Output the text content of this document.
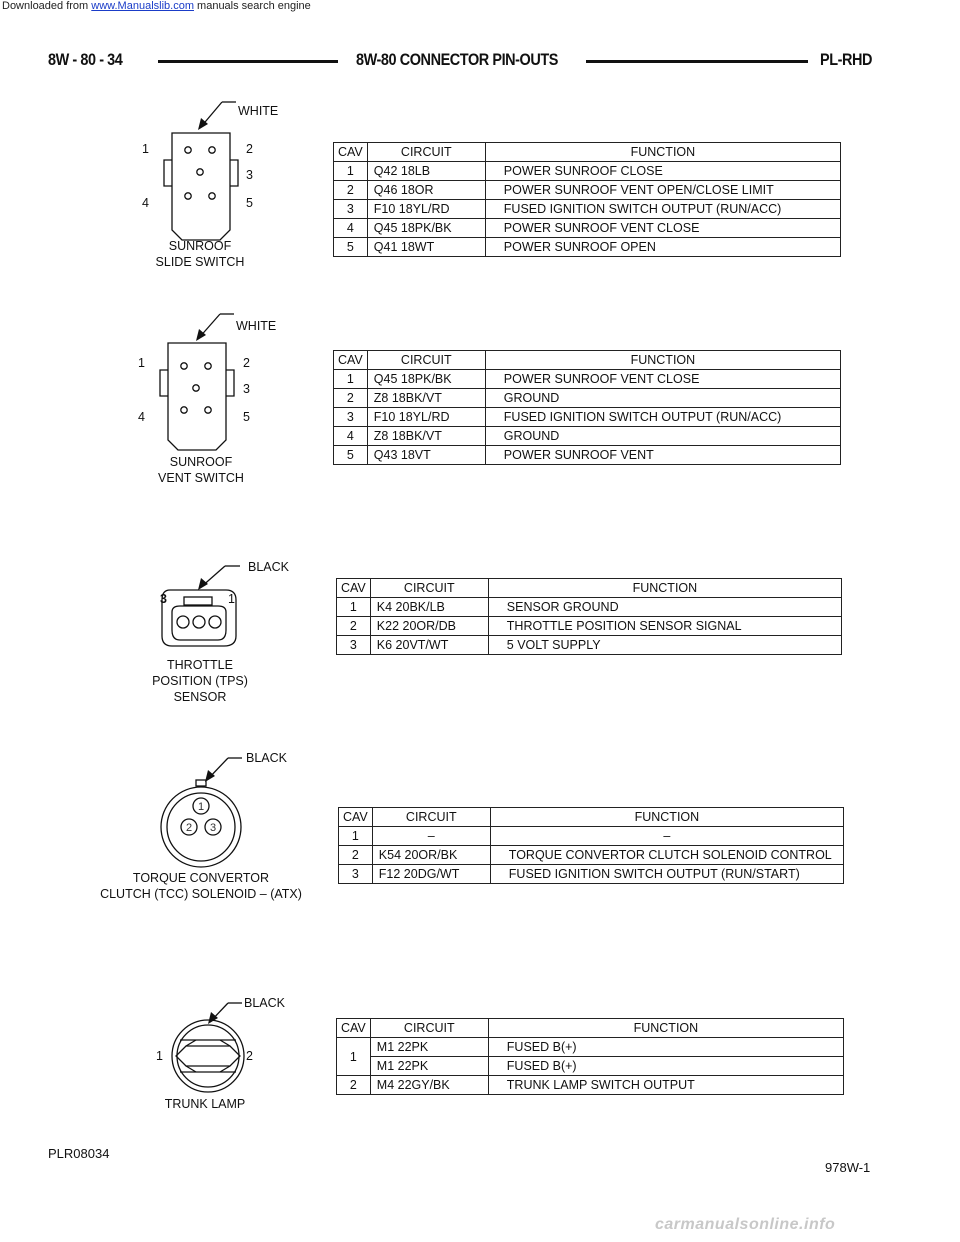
Downloaded from www.Manualslib.com manuals search engine
8W - 80 - 34	8W-80 CONNECTOR PIN-OUTS	PL-RHD
1
2 3
WHITE
1	2
3
4	5
SUNROOF
SLIDE SWITCH
WHITE
1	2
3
4	5
SUNROOF
VENT SWITCH
BLACK
3	1
THROTTLE
POSITION (TPS)
SENSOR
BLACK
TORQUE CONVERTOR
CLUTCH (TCC) SOLENOID – (ATX)
BLACK
1	2
TRUNK LAMP
CAV	CIRCUIT	FUNCTION
1	Q42 18LB	POWER SUNROOF CLOSE
2	Q46 18OR	POWER SUNROOF VENT OPEN/CLOSE LIMIT
3	F10 18YL/RD	FUSED IGNITION SWITCH OUTPUT (RUN/ACC)
4	Q45 18PK/BK	POWER SUNROOF VENT CLOSE
5	Q41 18WT	POWER SUNROOF OPEN
CAV	CIRCUIT	FUNCTION
1	Q45 18PK/BK	POWER SUNROOF VENT CLOSE
2	Z8 18BK/VT	GROUND
3	F10 18YL/RD	FUSED IGNITION SWITCH OUTPUT (RUN/ACC)
4	Z8 18BK/VT	GROUND
5	Q43 18VT	POWER SUNROOF VENT
CAV	CIRCUIT	FUNCTION
1	K4 20BK/LB	SENSOR GROUND
2	K22 20OR/DB	THROTTLE POSITION SENSOR SIGNAL
3	K6 20VT/WT	5 VOLT SUPPLY
CAV	CIRCUIT	FUNCTION
1	–	–
2	K54 20OR/BK	TORQUE CONVERTOR CLUTCH SOLENOID CONTROL
3	F12 20DG/WT	FUSED IGNITION SWITCH OUTPUT (RUN/START)
CAV	CIRCUIT	FUNCTION
1	M1 22PK	FUSED B(+)
	M1 22PK	FUSED B(+)
2	M4 22GY/BK	TRUNK LAMP SWITCH OUTPUT
PLR08034
978W-1
carmanualsonline.info
